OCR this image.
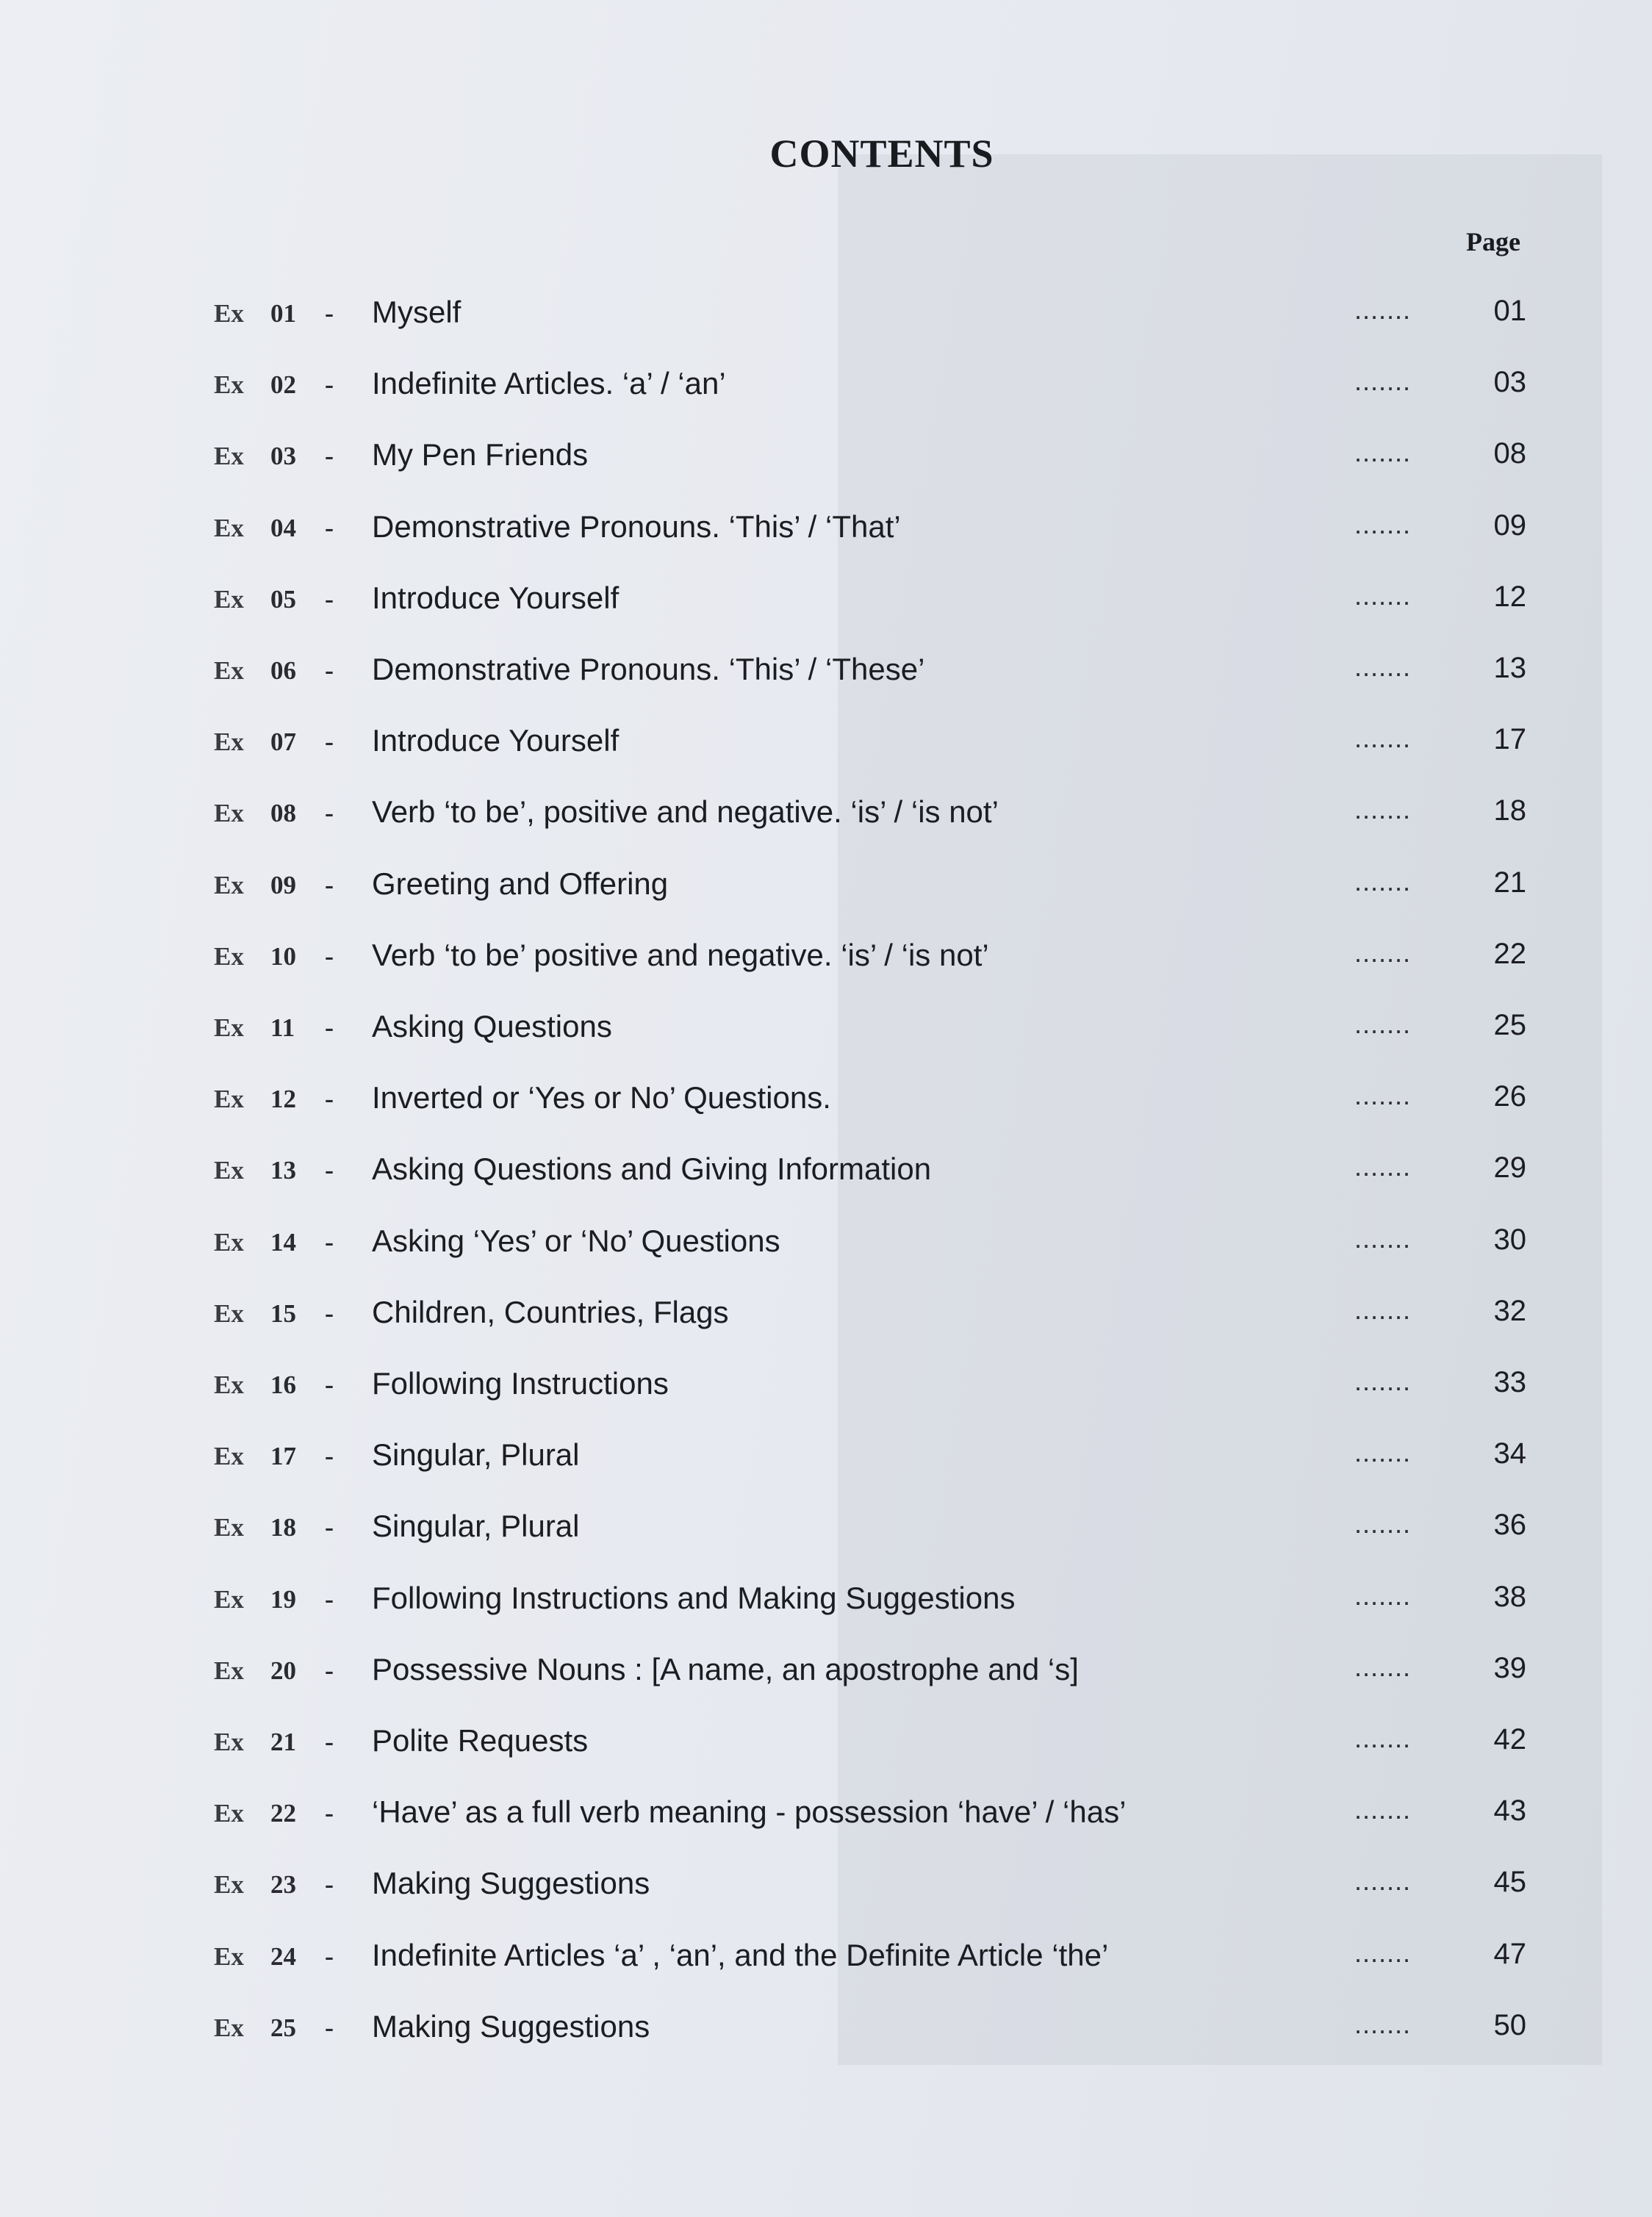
CONTENTS
Page
Ex 01 - Myself	.......	01
Ex 02 - Indefinite Articles. ‘a’ / ‘an’	.......	03
Ex 03 - My Pen Friends	.......	08
Ex 04 - Demonstrative Pronouns. ‘This’ / ‘That’	.......	09
Ex 05 - Introduce Yourself	.......	12
Ex 06 - Demonstrative Pronouns. ‘This’ / ‘These’	.......	13
Ex 07 - Introduce Yourself	.......	17
Ex 08 - Verb ‘to be’, positive and negative. ‘is’ / ‘is not’	.......	18
Ex 09 - Greeting and Offering	.......	21
Ex 10 - Verb ‘to be’ positive and negative. ‘is’ / ‘is not’	.......	22
Ex 11 - Asking Questions	.......	25
Ex 12 - Inverted or ‘Yes or No’ Questions.	.......	26
Ex 13 - Asking Questions and Giving Information	.......	29
Ex 14 - Asking ‘Yes’ or ‘No’ Questions	.......	30
Ex 15 - Children, Countries, Flags	.......	32
Ex 16 - Following Instructions	.......	33
Ex 17 - Singular, Plural	.......	34
Ex 18 - Singular, Plural	.......	36
Ex 19 - Following Instructions and Making Suggestions	.......	38
Ex 20 - Possessive Nouns : [A name, an apostrophe and ‘s]	.......	39
Ex 21 - Polite Requests	.......	42
Ex 22 - ‘Have’ as a full verb meaning - possession ‘have’ / ‘has’	.......	43
Ex 23 - Making Suggestions	.......	45
Ex 24 - Indefinite Articles ‘a’ , ‘an’, and the Definite Article ‘the’	.......	47
Ex 25 - Making Suggestions	.......	50
